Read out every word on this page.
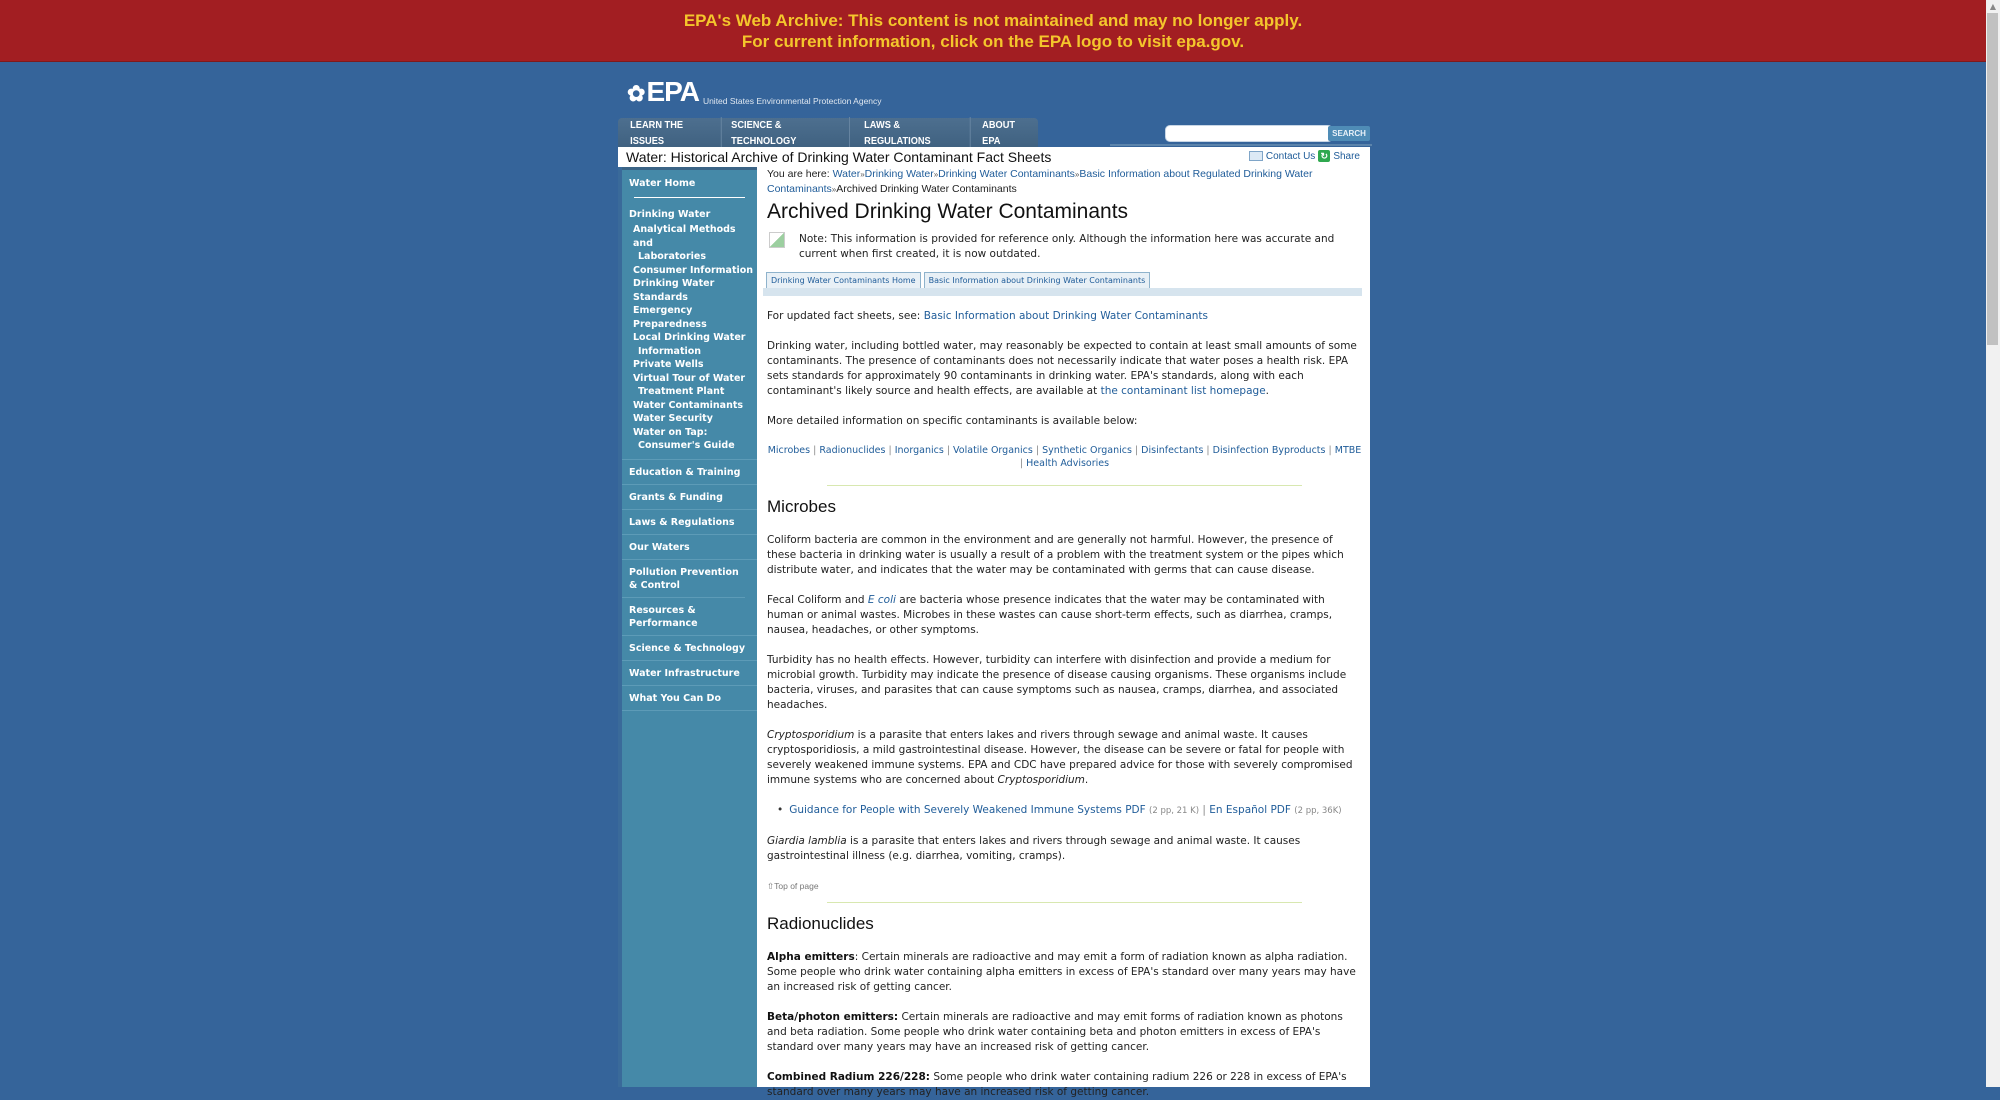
EPA's Web Archive: This content is not maintained and may no longer apply.
For current information, click on the EPA logo to visit epa.gov.
▲
✿EPA United States Environmental Protection Agency
LEARN THE ISSUES
SCIENCE & TECHNOLOGY
LAWS & REGULATIONS
ABOUT EPA
SEARCH
Water: Historical Archive of Drinking Water Contaminant Fact Sheets	Contact Us ↻ Share
Water Home
Drinking Water
Analytical Methods and
Laboratories
Consumer Information
Drinking Water Standards
Emergency Preparedness
Local Drinking Water
Information
Private Wells
Virtual Tour of Water
Treatment Plant
Water Contaminants
Water Security
Water on Tap:
Consumer's Guide
Education & Training
Grants & Funding
Laws & Regulations
Our Waters
Pollution Prevention & Control
Resources & Performance
Science & Technology
Water Infrastructure
What You Can Do
You are here: Water»Drinking Water»Drinking Water Contaminants»Basic Information about Regulated Drinking Water Contaminants»Archived Drinking Water Contaminants
Archived Drinking Water Contaminants
Note: This information is provided for reference only. Although the information here was accurate and current when first created, it is now outdated.
Drinking Water Contaminants Home	Basic Information about Drinking Water Contaminants

For updated fact sheets, see: Basic Information about Drinking Water Contaminants

Drinking water, including bottled water, may reasonably be expected to contain at least small amounts of some contaminants. The presence of contaminants does not necessarily indicate that water poses a health risk. EPA sets standards for approximately 90 contaminants in drinking water. EPA's standards, along with each contaminant's likely source and health effects, are available at the contaminant list homepage.

More detailed information on specific contaminants is available below:

Microbes | Radionuclides | Inorganics | Volatile Organics | Synthetic Organics | Disinfectants | Disinfection Byproducts | MTBE | Health Advisories
Microbes

Coliform bacteria are common in the environment and are generally not harmful. However, the presence of these bacteria in drinking water is usually a result of a problem with the treatment system or the pipes which distribute water, and indicates that the water may be contaminated with germs that can cause disease.

Fecal Coliform and E coli are bacteria whose presence indicates that the water may be contaminated with human or animal wastes. Microbes in these wastes can cause short-term effects, such as diarrhea, cramps, nausea, headaches, or other symptoms.

Turbidity has no health effects. However, turbidity can interfere with disinfection and provide a medium for microbial growth. Turbidity may indicate the presence of disease causing organisms. These organisms include bacteria, viruses, and parasites that can cause symptoms such as nausea, cramps, diarrhea, and associated headaches.

Cryptosporidium is a parasite that enters lakes and rivers through sewage and animal waste. It causes cryptosporidiosis, a mild gastrointestinal disease. However, the disease can be severe or fatal for people with severely weakened immune systems. EPA and CDC have prepared advice for those with severely compromised immune systems who are concerned about Cryptosporidium.

• Guidance for People with Severely Weakened Immune Systems PDF (2 pp, 21 K) | En Español PDF (2 pp, 36K)

Giardia lamblia is a parasite that enters lakes and rivers through sewage and animal waste. It causes gastrointestinal illness (e.g. diarrhea, vomiting, cramps).

⇧Top of page
Radionuclides

Alpha emitters: Certain minerals are radioactive and may emit a form of radiation known as alpha radiation. Some people who drink water containing alpha emitters in excess of EPA's standard over many years may have an increased risk of getting cancer.

Beta/photon emitters: Certain minerals are radioactive and may emit forms of radiation known as photons and beta radiation. Some people who drink water containing beta and photon emitters in excess of EPA's standard over many years may have an increased risk of getting cancer.

Combined Radium 226/228: Some people who drink water containing radium 226 or 228 in excess of EPA's standard over many years may have an increased risk of getting cancer.
